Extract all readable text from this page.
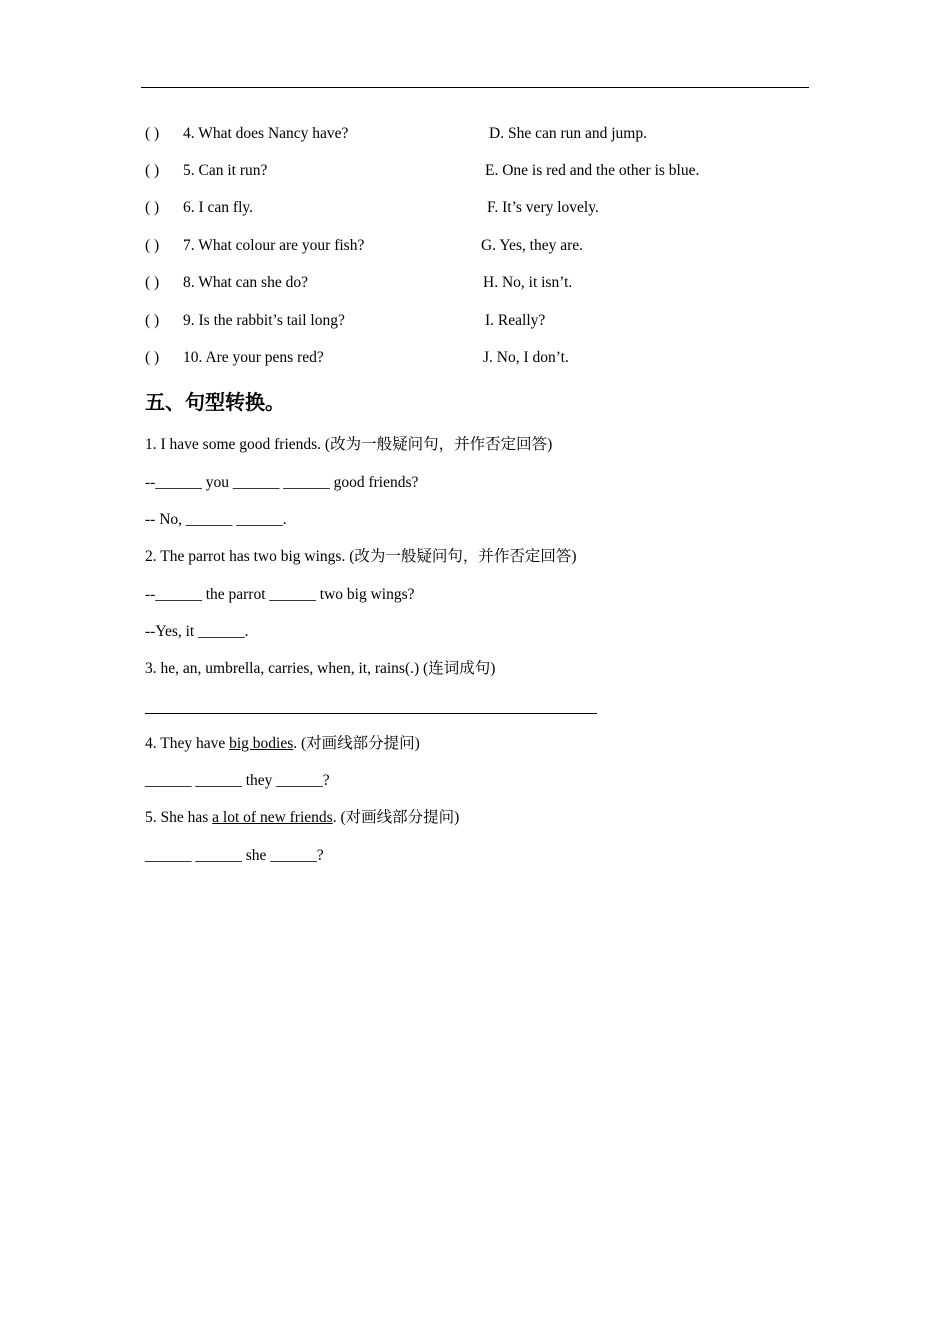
( ) 4. What does Nancy have?	D. She can run and jump.
( ) 5. Can it run?	E. One is red and the other is blue.
( ) 6. I can fly.	F. It’s very lovely.
( ) 7. What colour are your fish?	G. Yes, they are.
( ) 8. What can she do?	H. No, it isn’t.
( ) 9. Is the rabbit’s tail long?	I. Really?
( ) 10. Are your pens red?	J. No, I don’t.
五、句型转换。
1. I have some good friends. (改为一般疑问句，并作否定回答)
--______ you ______ ______ good friends?
-- No, ______ ______.
2. The parrot has two big wings. (改为一般疑问句，并作否定回答)
--______ the parrot ______ two big wings?
--Yes, it ______.
3. he, an, umbrella, carries, when, it, rains(.) (连词成句)
4. They have big bodies. (对画线部分提问)
______ ______ they ______?
5. She has a lot of new friends. (对画线部分提问)
______ ______ she ______?
